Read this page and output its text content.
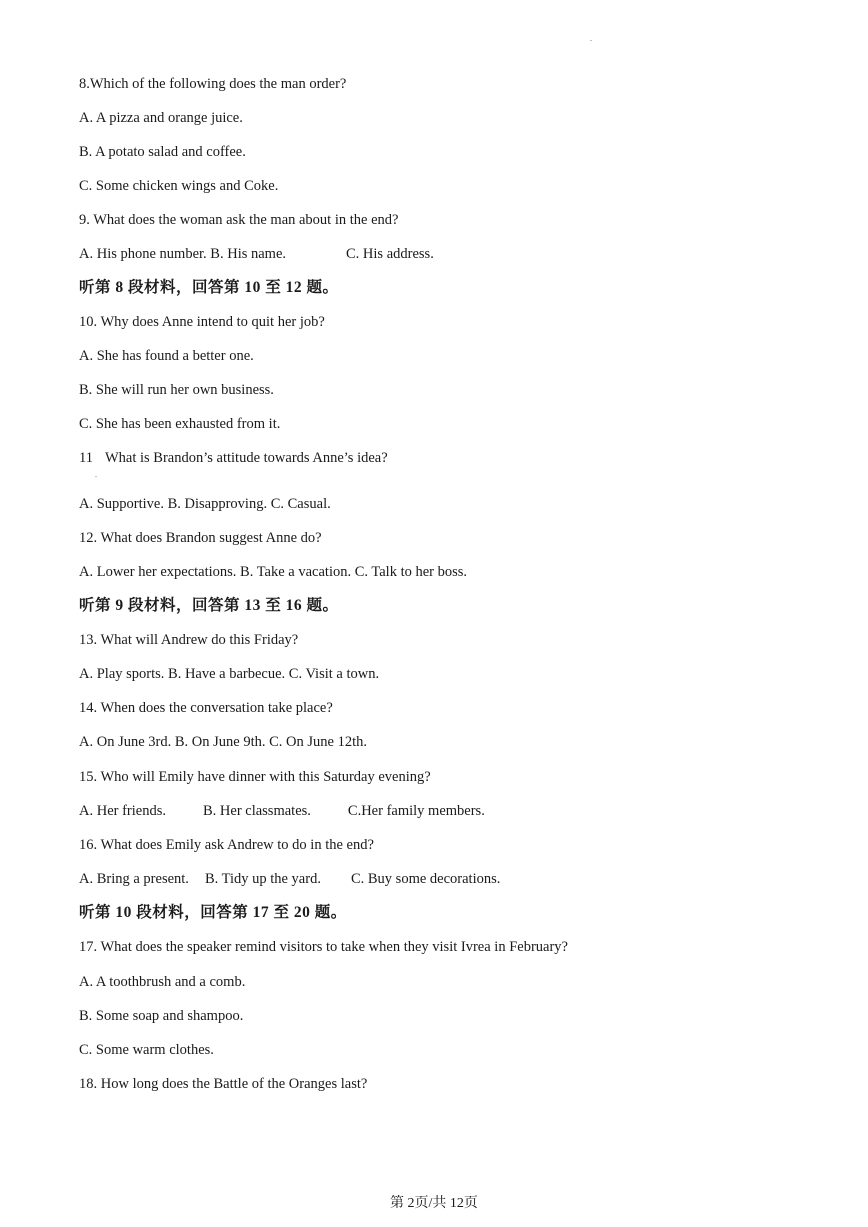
.
8.Which of the following does the man order?
A. A pizza and orange juice.
B. A potato salad and coffee.
C. Some chicken wings and Coke.
9. What does the woman ask the man about in the end?
A. His phone number. B. His name.	C. His address.
听第 8 段材料，回答第 10 至 12 题。
10. Why does Anne intend to quit her job?
A. She has found a better one.
B. She will run her own business.
C. She has been exhausted from it.
11 What is Brandon’s attitude towards Anne’s idea?
.
A. Supportive. B. Disapproving. C. Casual.
12. What does Brandon suggest Anne do?
A. Lower her expectations. B. Take a vacation. C. Talk to her boss.
听第 9 段材料，回答第 13 至 16 题。
13. What will Andrew do this Friday?
A. Play sports. B. Have a barbecue. C. Visit a town.
14. When does the conversation take place?
A. On June 3rd. B. On June 9th. C. On June 12th.
15. Who will Emily have dinner with this Saturday evening?
A. Her friends.	B. Her classmates.	C.Her family members.
16. What does Emily ask Andrew to do in the end?
A. Bring a present. B. Tidy up the yard. C. Buy some decorations.
听第 10 段材料，回答第 17 至 20 题。
17. What does the speaker remind visitors to take when they visit Ivrea in February?
A. A toothbrush and a comb.
B. Some soap and shampoo.
C. Some warm clothes.
18. How long does the Battle of the Oranges last?
第 2页/共 12页
